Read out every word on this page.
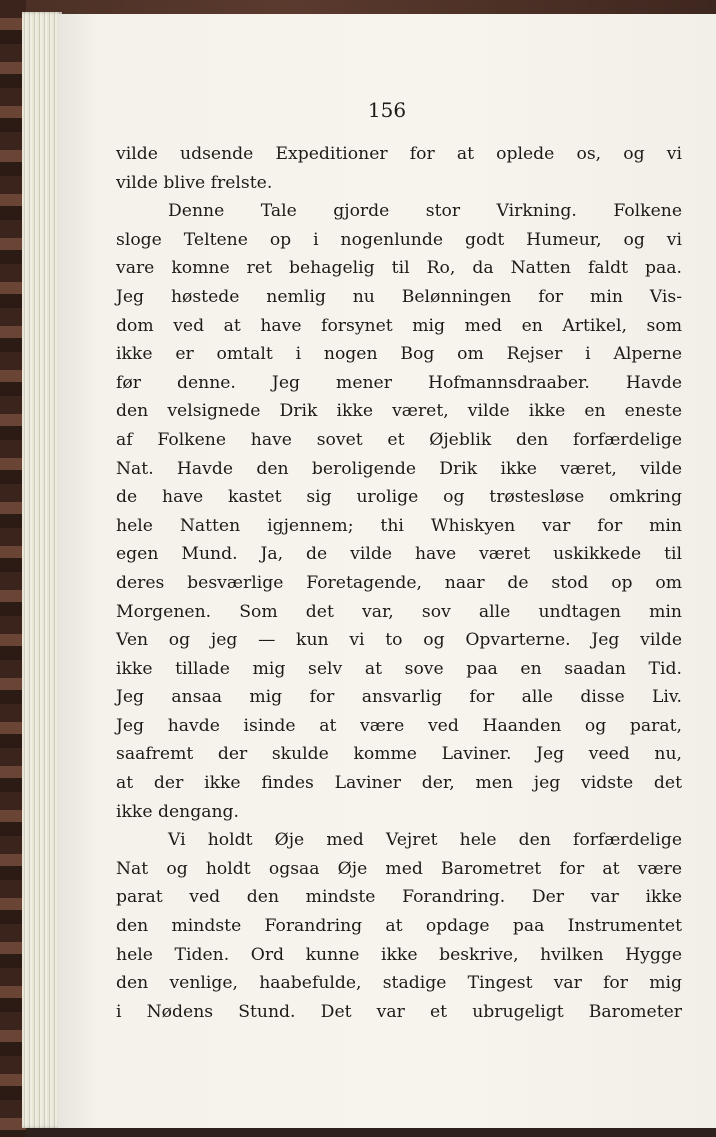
156
vilde udsende Expeditioner for at oplede os, og vi
vilde blive frelste.
Denne Tale gjorde stor Virkning. Folkene
sloge Teltene op i nogenlunde godt Humeur, og vi
vare komne ret behagelig til Ro, da Natten faldt paa.
Jeg høstede nemlig nu Belønningen for min Vis-
dom ved at have forsynet mig med en Artikel, som
ikke er omtalt i nogen Bog om Rejser i Alperne
før denne. Jeg mener Hofmannsdraaber. Havde
den velsignede Drik ikke været, vilde ikke en eneste
af Folkene have sovet et Øjeblik den forfærdelige
Nat. Havde den beroligende Drik ikke været, vilde
de have kastet sig urolige og trøstesløse omkring
hele Natten igjennem; thi Whiskyen var for min
egen Mund. Ja, de vilde have været uskikkede til
deres besværlige Foretagende, naar de stod op om
Morgenen. Som det var, sov alle undtagen min
Ven og jeg — kun vi to og Opvarterne. Jeg vilde
ikke tillade mig selv at sove paa en saadan Tid.
Jeg ansaa mig for ansvarlig for alle disse Liv.
Jeg havde isinde at være ved Haanden og parat,
saafremt der skulde komme Laviner. Jeg veed nu,
at der ikke findes Laviner der, men jeg vidste det
ikke dengang.
Vi holdt Øje med Vejret hele den forfærdelige
Nat og holdt ogsaa Øje med Barometret for at være
parat ved den mindste Forandring. Der var ikke
den mindste Forandring at opdage paa Instrumentet
hele Tiden. Ord kunne ikke beskrive, hvilken Hygge
den venlige, haabefulde, stadige Tingest var for mig
i Nødens Stund. Det var et ubrugeligt Barometer
